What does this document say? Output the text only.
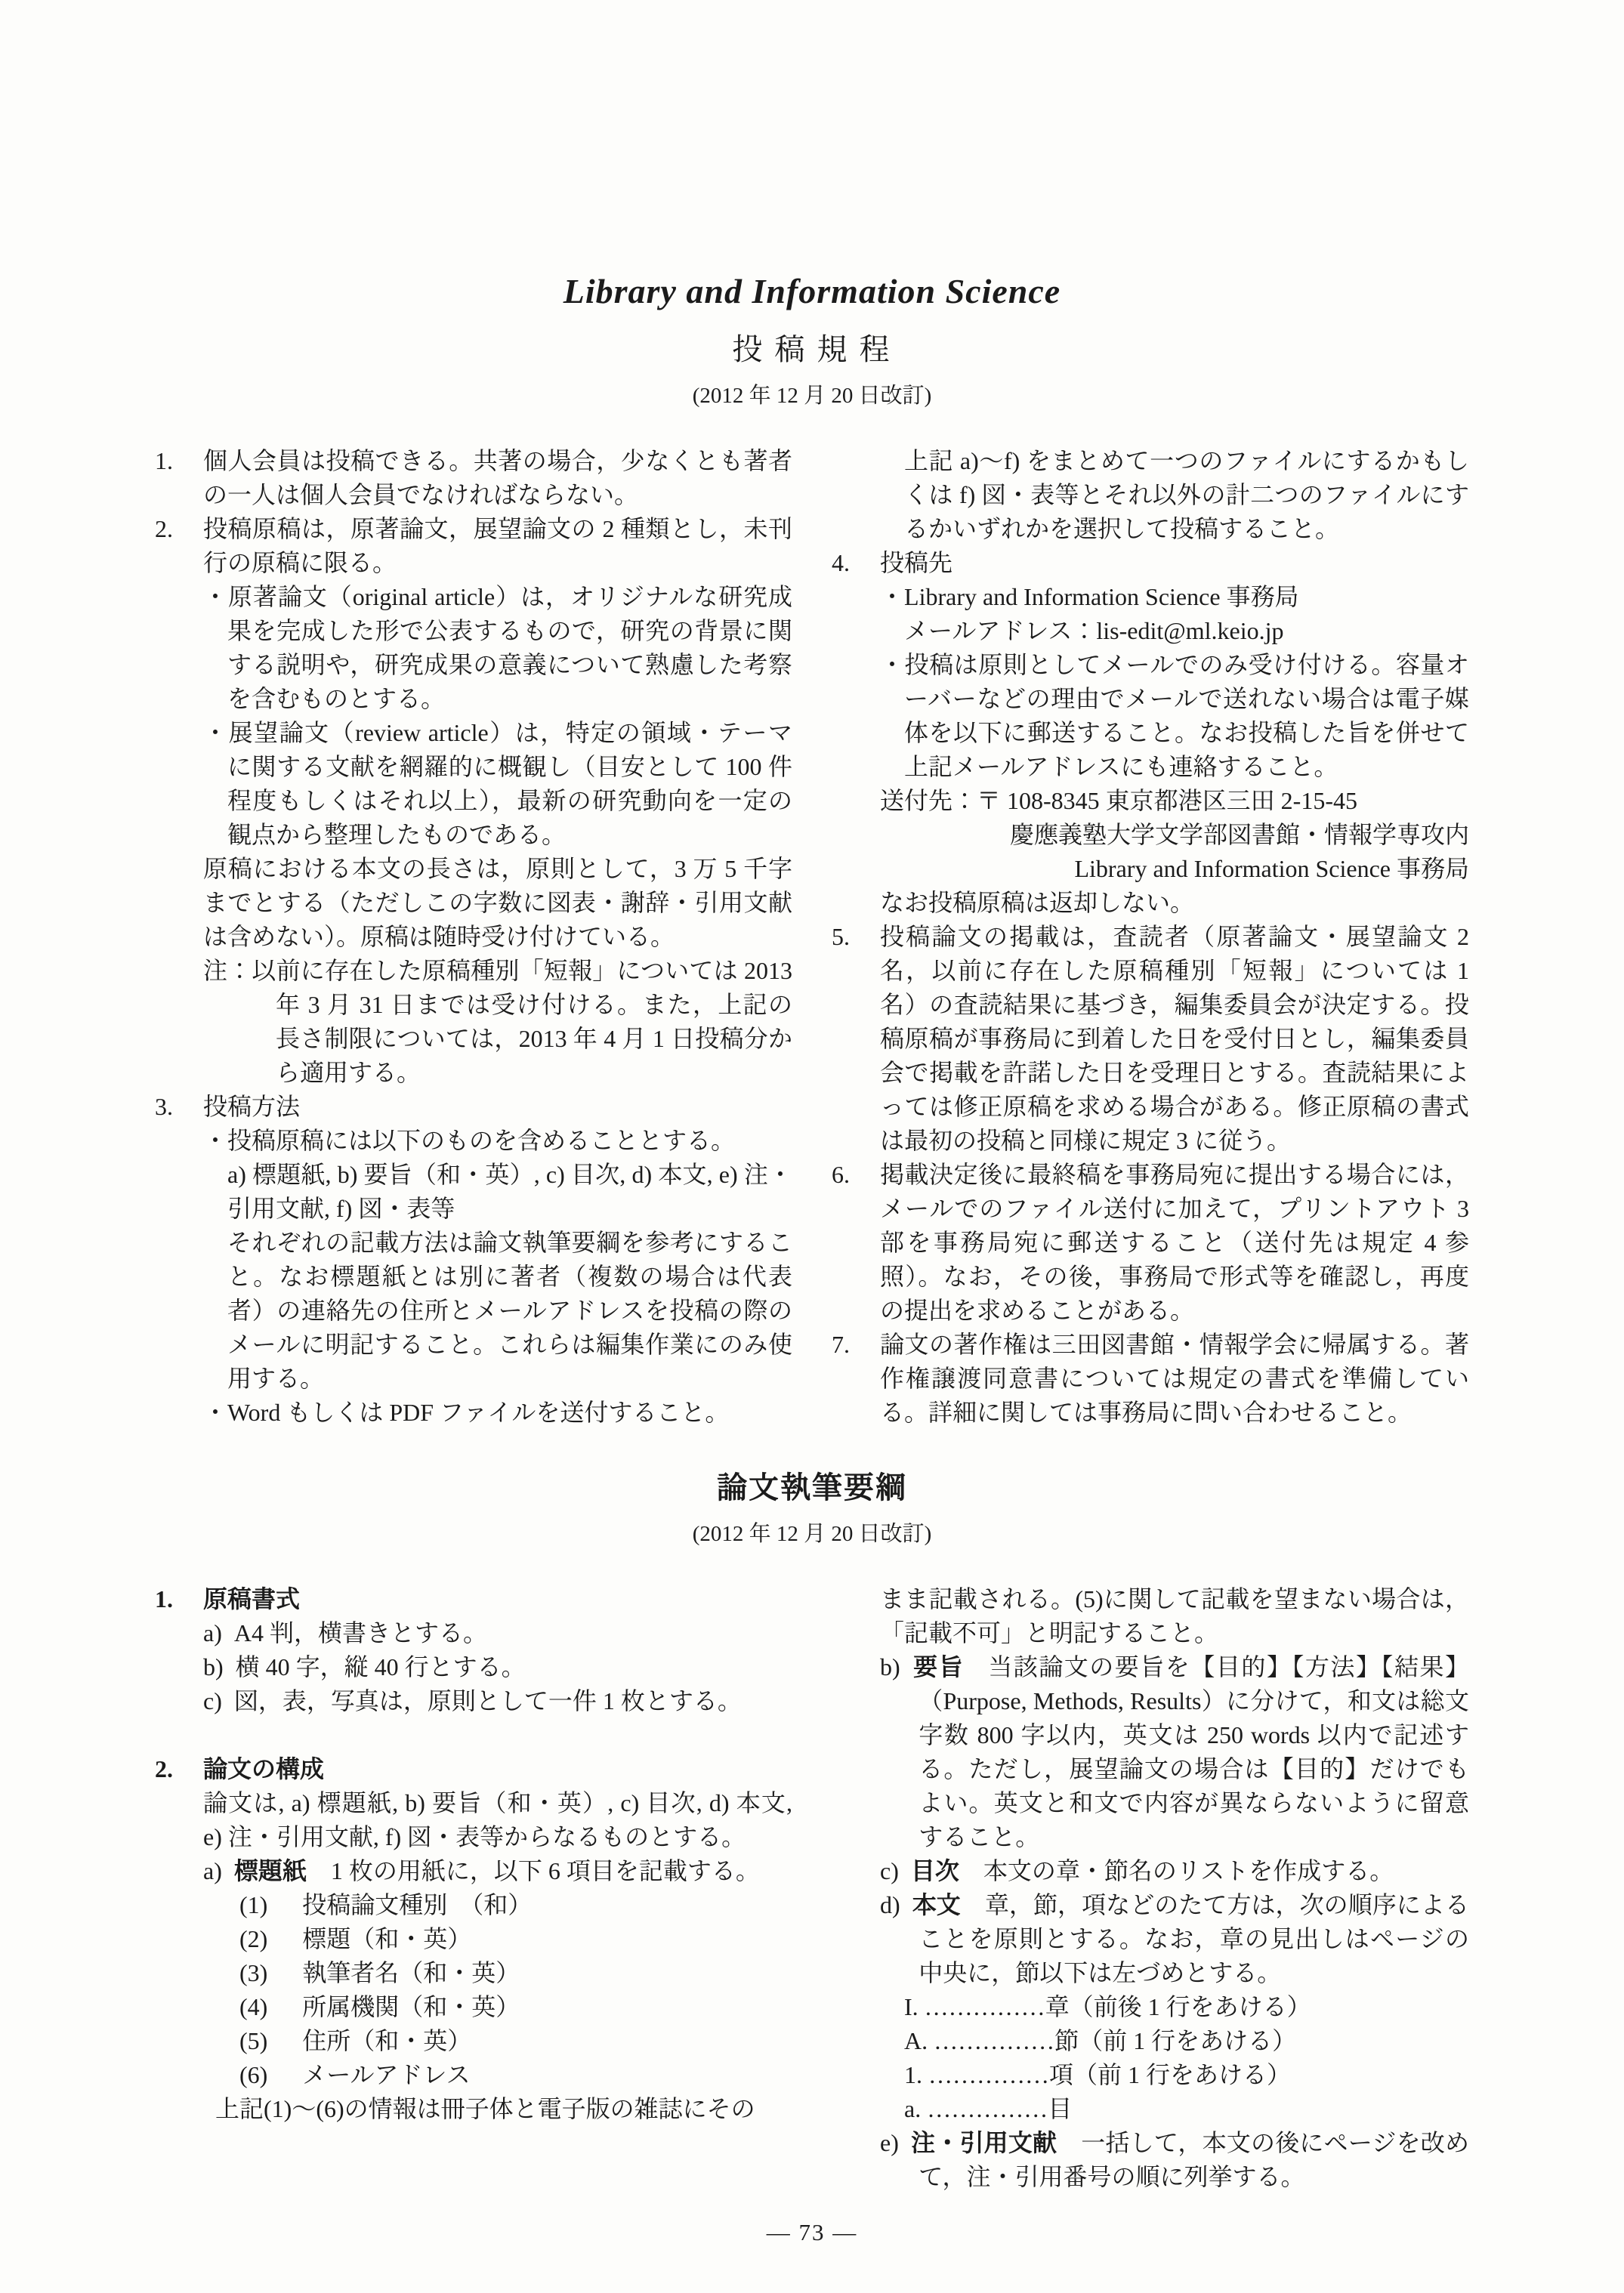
Library and Information Science
投 稿 規 程
(2012 年 12 月 20 日改訂)
1.	個人会員は投稿できる。共著の場合，少なくとも著者の一人は個人会員でなければならない。
2.	投稿原稿は，原著論文，展望論文の 2 種類とし，未刊行の原稿に限る。

・原著論文（original article）は，オリジナルな研究成果を完成した形で公表するもので，研究の背景に関する説明や，研究成果の意義について熟慮した考察を含むものとする。

・展望論文（review article）は，特定の領域・テーマに関する文献を網羅的に概観し（目安として 100 件程度もしくはそれ以上），最新の研究動向を一定の観点から整理したものである。

原稿における本文の長さは，原則として，3 万 5 千字までとする（ただしこの字数に図表・謝辞・引用文献は含めない）。原稿は随時受け付けている。

注：以前に存在した原稿種別「短報」については 2013 年 3 月 31 日までは受け付ける。また，上記の長さ制限については，2013 年 4 月 1 日投稿分から適用する。

3.	投稿方法

・投稿原稿には以下のものを含めることとする。

a) 標題紙, b) 要旨（和・英）, c) 目次, d) 本文, e) 注・引用文献, f) 図・表等

それぞれの記載方法は論文執筆要綱を参考にすること。なお標題紙とは別に著者（複数の場合は代表者）の連絡先の住所とメールアドレスを投稿の際のメールに明記すること。これらは編集作業にのみ使用する。

・Word もしくは PDF ファイルを送付すること。

上記 a)～f) をまとめて一つのファイルにするかもしくは f) 図・表等とそれ以外の計二つのファイルにするかいずれかを選択して投稿すること。

4.	投稿先

・Library and Information Science 事務局

メールアドレス：lis-edit@ml.keio.jp

・投稿は原則としてメールでのみ受け付ける。容量オーバーなどの理由でメールで送れない場合は電子媒体を以下に郵送すること。なお投稿した旨を併せて上記メールアドレスにも連絡すること。

送付先：〒 108-8345 東京都港区三田 2-15-45

慶應義塾大学文学部図書館・情報学専攻内

Library and Information Science 事務局

なお投稿原稿は返却しない。

5.	投稿論文の掲載は，査読者（原著論文・展望論文 2 名，以前に存在した原稿種別「短報」については 1 名）の査読結果に基づき，編集委員会が決定する。投稿原稿が事務局に到着した日を受付日とし，編集委員会で掲載を許諾した日を受理日とする。査読結果によっては修正原稿を求める場合がある。修正原稿の書式は最初の投稿と同様に規定 3 に従う。
6.	掲載決定後に最終稿を事務局宛に提出する場合には，メールでのファイル送付に加えて，プリントアウト 3 部を事務局宛に郵送すること（送付先は規定 4 参照）。なお，その後，事務局で形式等を確認し，再度の提出を求めることがある。
7.	論文の著作権は三田図書館・情報学会に帰属する。著作権譲渡同意書については規定の書式を準備している。詳細に関しては事務局に問い合わせること。
論文執筆要綱
(2012 年 12 月 20 日改訂)
1.	原稿書式

a) A4 判，横書きとする。

b) 横 40 字，縦 40 行とする。

c) 図，表，写真は，原則として一件 1 枚とする。

2.	論文の構成

論文は, a) 標題紙, b) 要旨（和・英）, c) 目次, d) 本文, e) 注・引用文献, f) 図・表等からなるものとする。

a) 標題紙 1 枚の用紙に，以下 6 項目を記載する。

(1)	投稿論文種別　（和）

(2)	標題（和・英）

(3)	執筆者名（和・英）

(4)	所属機関（和・英）

(5)	住所（和・英）

(6)	メールアドレス

上記(1)～(6)の情報は冊子体と電子版の雑誌にその

まま記載される。(5)に関して記載を望まない場合は，「記載不可」と明記すること。

b) 要旨 当該論文の要旨を【目的】【方法】【結果】（Purpose, Methods, Results）に分けて，和文は総文字数 800 字以内，英文は 250 words 以内で記述する。ただし，展望論文の場合は【目的】だけでもよい。英文と和文で内容が異ならないように留意すること。

c) 目次 本文の章・節名のリストを作成する。

d) 本文 章，節，項などのたて方は，次の順序によることを原則とする。なお，章の見出しはページの中央に，節以下は左づめとする。

I. ……………章（前後 1 行をあける）

A. ……………節（前 1 行をあける）

1. ……………項（前 1 行をあける）

a. ……………目

e) 注・引用文献 一括して，本文の後にページを改めて，注・引用番号の順に列挙する。

— 73 —
